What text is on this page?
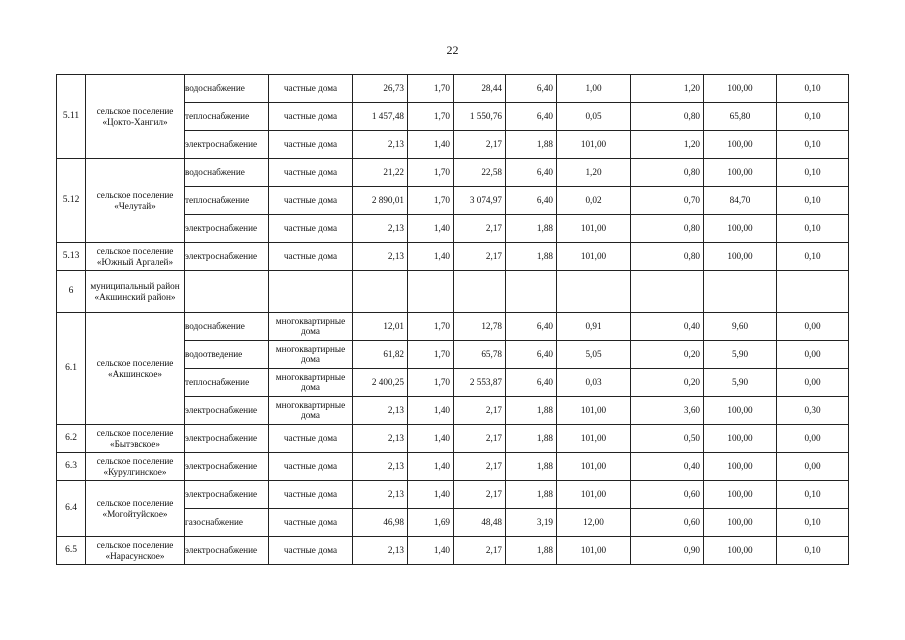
22
5.11	сельское поселение «Цокто-Хангил»	водоснабжение	частные дома	26,73	1,70	28,44	6,40	1,00	1,20	100,00	0,10
		теплоснабжение	частные дома	1 457,48	1,70	1 550,76	6,40	0,05	0,80	65,80	0,10
		электроснабжение	частные дома	2,13	1,40	2,17	1,88	101,00	1,20	100,00	0,10
5.12	сельское поселение «Челутай»	водоснабжение	частные дома	21,22	1,70	22,58	6,40	1,20	0,80	100,00	0,10
		теплоснабжение	частные дома	2 890,01	1,70	3 074,97	6,40	0,02	0,70	84,70	0,10
		электроснабжение	частные дома	2,13	1,40	2,17	1,88	101,00	0,80	100,00	0,10
5.13	сельское поселение «Южный Аргалей»	электроснабжение	частные дома	2,13	1,40	2,17	1,88	101,00	0,80	100,00	0,10
6	муниципальный район «Акшинский район»										
6.1	сельское поселение «Акшинское»	водоснабжение	многоквартирные дома	12,01	1,70	12,78	6,40	0,91	0,40	9,60	0,00
		водоотведение	многоквартирные дома	61,82	1,70	65,78	6,40	5,05	0,20	5,90	0,00
		теплоснабжение	многоквартирные дома	2 400,25	1,70	2 553,87	6,40	0,03	0,20	5,90	0,00
		электроснабжение	многоквартирные дома	2,13	1,40	2,17	1,88	101,00	3,60	100,00	0,30
6.2	сельское поселение «Бытэвское»	электроснабжение	частные дома	2,13	1,40	2,17	1,88	101,00	0,50	100,00	0,00
6.3	сельское поселение «Курулгинское»	электроснабжение	частные дома	2,13	1,40	2,17	1,88	101,00	0,40	100,00	0,00
6.4	сельское поселение «Могойтуйское»	электроснабжение	частные дома	2,13	1,40	2,17	1,88	101,00	0,60	100,00	0,10
		газоснабжение	частные дома	46,98	1,69	48,48	3,19	12,00	0,60	100,00	0,10
6.5	сельское поселение «Нарасунское»	электроснабжение	частные дома	2,13	1,40	2,17	1,88	101,00	0,90	100,00	0,10
